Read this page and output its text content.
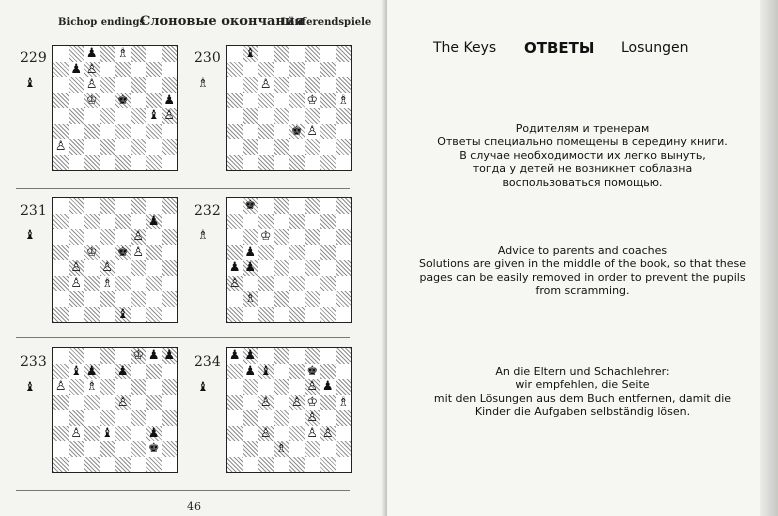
Bichop endings
Слоновые окончания
Läuferendspiele
229
♝
♟
♟ ♗
♙
♙
♔ ♚	♟
♝ ♙
♙
230
♗
♝
♙
♔ ♗
♚ ♙
231
♝
♟
♙
♔ ♚ ♙
♙
♙
♙ ♗
♝
232
♗
♚
♔
♟
♟
♟
♙
♗
233
♝
♔ ♟ ♟
♝ ♟ ♟
♙ ♗
♙
♙ ♝	♟
♚
234
♝
♟ ♟
♝
♟	♚
♙ ♟
♙
♙	♔ ♗
♙
♙	♙ ♙
♗
46
The Keys ОТВЕТЫ Losungen
Родителям и тренерам
Ответы специально помещены в середину книги.
В случае необходимости их легко вынуть,
тогда у детей не возникнет соблазна
воспользоваться помощью.
Advice to parents and coaches
Solutions are given in the middle of the book, so that these
pages can be easily removed in order to prevent the pupils
from scramming.
An die Eltern und Schachlehrer:
wir empfehlen, die Seite
mit den Lösungen aus dem Buch entfernen, damit die
Kinder die Aufgaben selbständig lösen.
